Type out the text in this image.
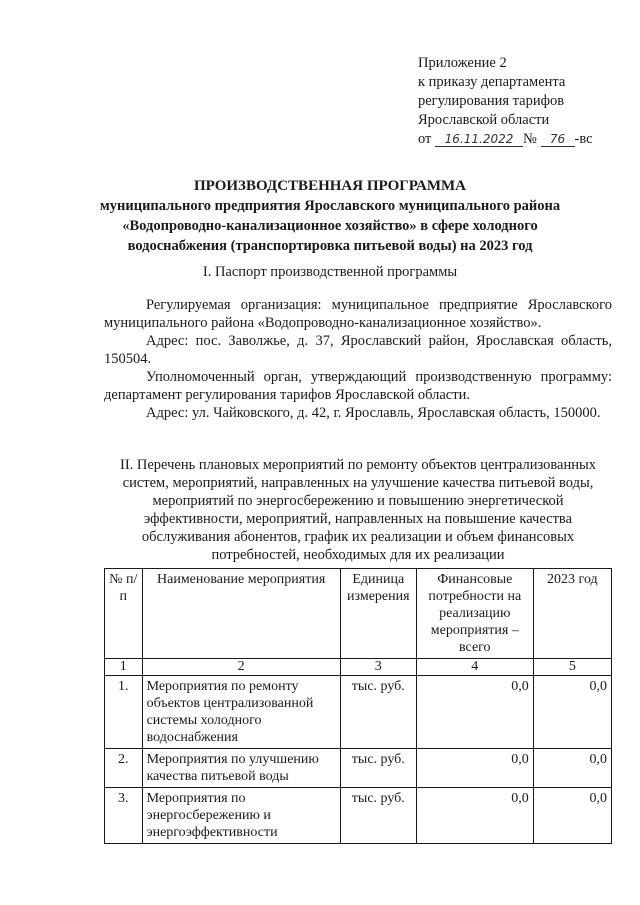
Приложение 2
к приказу департамента
регулирования тарифов
Ярославской области
от 16.11.2022 № 76 -вс
ПРОИЗВОДСТВЕННАЯ ПРОГРАММА
муниципального предприятия Ярославского муниципального района
«Водопроводно-канализационное хозяйство» в сфере холодного
водоснабжения (транспортировка питьевой воды) на 2023 год
I. Паспорт производственной программы

Регулируемая организация: муниципальное предприятие Ярославского муниципального района «Водопроводно-канализационное хозяйство».

Адрес: пос. Заволжье, д. 37, Ярославский район, Ярославская область, 150504.

Уполномоченный орган, утверждающий производственную программу: департамент регулирования тарифов Ярославской области.

Адрес: ул. Чайковского, д. 42, г. Ярославль, Ярославская область, 150000.

II. Перечень плановых мероприятий по ремонту объектов централизованных систем, мероприятий, направленных на улучшение качества питьевой воды, мероприятий по энергосбережению и повышению энергетической эффективности, мероприятий, направленных на повышение качества обслуживания абонентов, график их реализации и объем финансовых потребностей, необходимых для их реализации
№ п/п	Наименование мероприятия	Единица измерения	Финансовые потребности на реализацию мероприятия – всего	2023 год
1	2	3	4	5
1.	Мероприятия по ремонту объектов централизованной системы холодного водоснабжения	тыс. руб.	0,0	0,0
2.	Мероприятия по улучшению качества питьевой воды	тыс. руб.	0,0	0,0
3.	Мероприятия по энергосбережению и энергоэффективности	тыс. руб.	0,0	0,0
